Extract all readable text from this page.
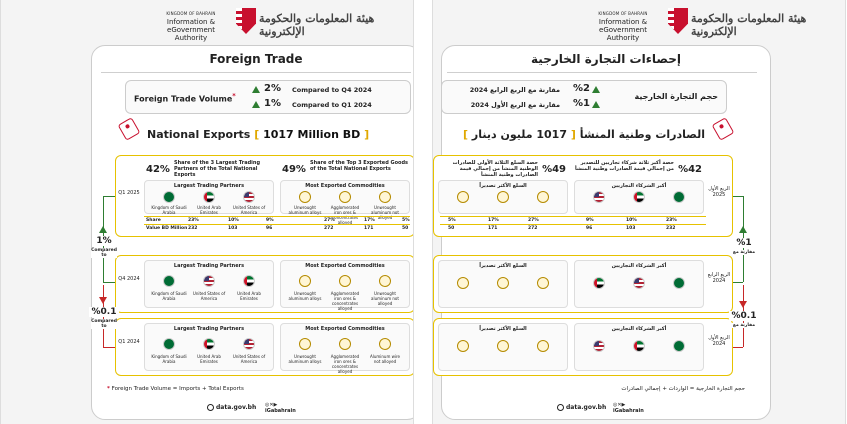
KINGDOM OF BAHRAIN
Information & eGovernment
Authority
هيئة المعلومات والحكومة الإلكترونية
Foreign Trade
Foreign Trade Volume*
2% Compared to Q4 2024
1% Compared to Q1 2024
National Exports [ 1017 Million BD ]
Q1 2025
42%
Share of the 3 Largest Trading Partners of the Total National Exports	49%
Share of the Top 3 Exported Goods of the Total National Exports
Largest Trading Partners
Kingdom of Saudi Arabia
United Arab Emirates
United States of America
Most Exported Commodities
Unwrought aluminum alloys
Agglomerated iron ores & concentrates alloyed
Unwrought aluminum not alloyed
Share	23%	10%	9%	27%	17%	5%
Value BD Million 232	103	96	272	171	50
Q4 2024
Largest Trading Partners
Kingdom of Saudi Arabia
United States of America
United Arab Emirates
Most Exported Commodities
Unwrought aluminum alloys
Agglomerated iron ores & concentrates alloyed
Unwrought aluminum not alloyed
Q1 2024
Largest Trading Partners
Kingdom of Saudi Arabia
United Arab Emirates
United States of America
Most Exported Commodities
Unwrought aluminum alloys
Agglomerated iron ores & concentrates alloyed
Aluminum wire not alloyed
1%
Compared to
%0.1
Compared to
* Foreign Trade Volume = Imports + Total Exports
data.gov.bh ◎✕▶
iGabahrain
KINGDOM OF BAHRAIN
Information & eGovernment
Authority
هيئة المعلومات والحكومة الإلكترونية
إحصاءات التجارة الخارجية
حجم التجارة الخارجية
%2
مقارنة مع الربع الرابع 2024
%1
مقارنة مع الربع الأول 2024
الصادرات وطنية المنشأ [ 1017 مليون دينار ]
الربع الأول 2025
%42
حصة أكبر ثلاثة شركاء تجاريين للتصدير من إجمالي قيمة الصادرات وطنية المنشأ
%49
حصة السلع الثلاثة الأولى للصادرات الوطنية المنشأ من إجمالي قيمة الصادرات وطنية المنشأ
أكبر الشركاء التجاريين
السلع الأكثر تصديراً
5%	17%	27%	9%	10%	23%
50	171	272	96	103	232
الربع الرابع 2024
أكبر الشركاء التجاريين
السلع الأكثر تصديراً
الربع الأول 2024
أكبر الشركاء التجاريين
السلع الأكثر تصديراً
%1
مقارنة مع
%0.1
مقارنة مع
حجم التجارة الخارجية = الواردات + إجمالي الصادرات
data.gov.bh ◎✕▶
iGabahrain
